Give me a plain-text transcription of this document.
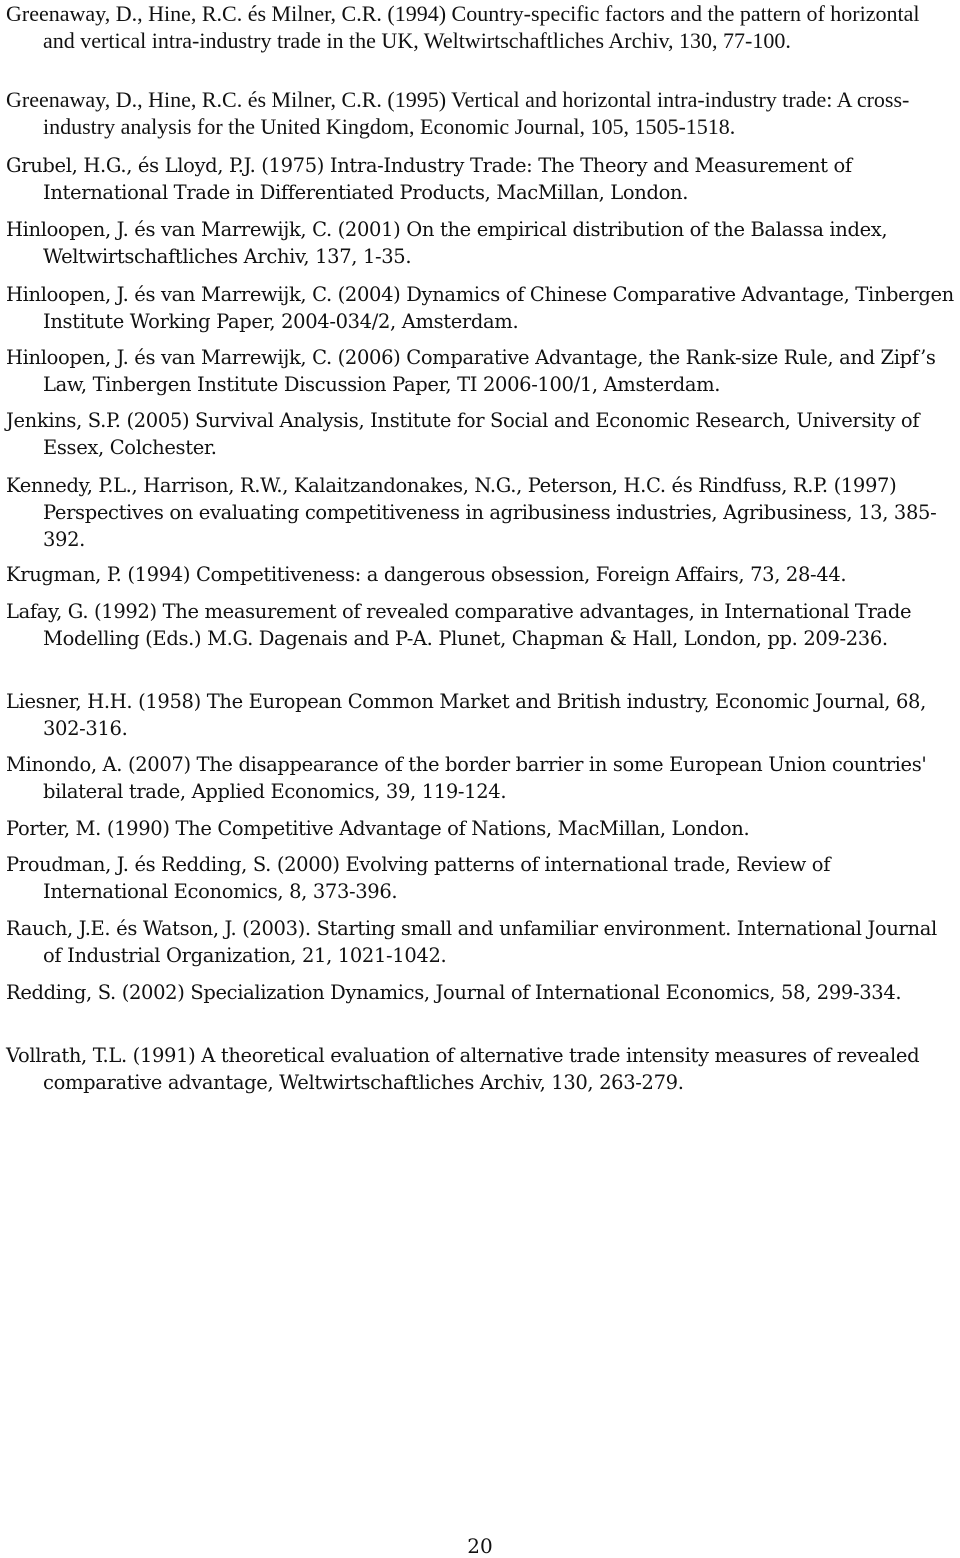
Greenaway, D., Hine, R.C. és Milner, C.R. (1994) Country-specific factors and the pattern of horizontal and vertical intra-industry trade in the UK, Weltwirtschaftliches Archiv, 130, 77-100.

Greenaway, D., Hine, R.C. és Milner, C.R. (1995) Vertical and horizontal intra-industry trade: A cross-industry analysis for the United Kingdom, Economic Journal, 105, 1505-1518.

Grubel, H.G., és Lloyd, P.J. (1975) Intra-Industry Trade: The Theory and Measurement of International Trade in Differentiated Products, MacMillan, London.

Hinloopen, J. és van Marrewijk, C. (2001) On the empirical distribution of the Balassa index, Weltwirtschaftliches Archiv, 137, 1-35.

Hinloopen, J. és van Marrewijk, C. (2004) Dynamics of Chinese Comparative Advantage, Tinbergen Institute Working Paper, 2004-034/2, Amsterdam.

Hinloopen, J. és van Marrewijk, C. (2006) Comparative Advantage, the Rank-size Rule, and Zipf’s Law, Tinbergen Institute Discussion Paper, TI 2006-100/1, Amsterdam.

Jenkins, S.P. (2005) Survival Analysis, Institute for Social and Economic Research, University of Essex, Colchester.

Kennedy, P.L., Harrison, R.W., Kalaitzandonakes, N.G., Peterson, H.C. és Rindfuss, R.P. (1997) Perspectives on evaluating competitiveness in agribusiness industries, Agribusiness, 13, 385-392.

Krugman, P. (1994) Competitiveness: a dangerous obsession, Foreign Affairs, 73, 28-44.

Lafay, G. (1992) The measurement of revealed comparative advantages, in International Trade Modelling (Eds.) M.G. Dagenais and P-A. Plunet, Chapman & Hall, London, pp. 209-236.

Liesner, H.H. (1958) The European Common Market and British industry, Economic Journal, 68, 302-316.

Minondo, A. (2007) The disappearance of the border barrier in some European Union countries' bilateral trade, Applied Economics, 39, 119-124.

Porter, M. (1990) The Competitive Advantage of Nations, MacMillan, London.

Proudman, J. és Redding, S. (2000) Evolving patterns of international trade, Review of International Economics, 8, 373-396.

Rauch, J.E. és Watson, J. (2003). Starting small and unfamiliar environment. International Journal of Industrial Organization, 21, 1021-1042.

Redding, S. (2002) Specialization Dynamics, Journal of International Economics, 58, 299-334.

Vollrath, T.L. (1991) A theoretical evaluation of alternative trade intensity measures of revealed comparative advantage, Weltwirtschaftliches Archiv, 130, 263-279.

20
